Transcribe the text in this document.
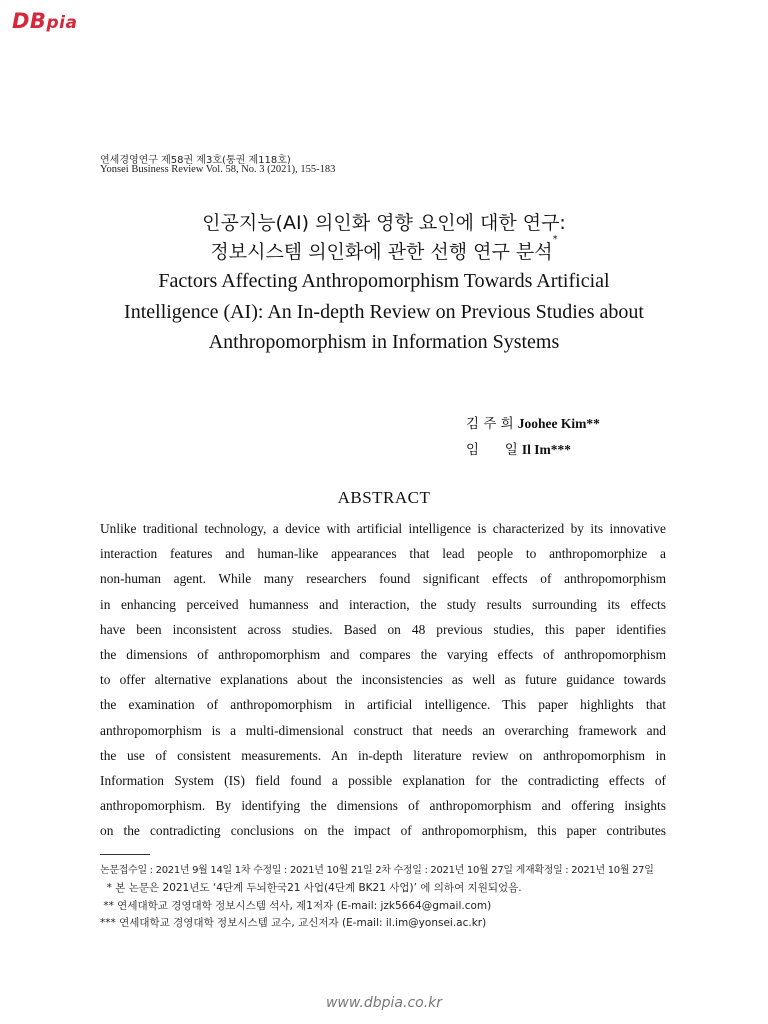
DBpia
연세경영연구 제58권 제3호(통권 제118호)
Yonsei Business Review Vol. 58, No. 3 (2021), 155-183
인공지능(AI) 의인화 영향 요인에 대한 연구:
정보시스템 의인화에 관한 선행 연구 분석*
Factors Affecting Anthropomorphism Towards Artificial
Intelligence (AI): An In-depth Review on Previous Studies about
Anthropomorphism in Information Systems
김 주 희 Joohee Kim**
임      일 Il Im***
ABSTRACT
Unlike traditional technology, a device with artificial intelligence is characterized by its innovative
interaction features and human-like appearances that lead people to anthropomorphize a
non-human agent. While many researchers found significant effects of anthropomorphism
in enhancing perceived humanness and interaction, the study results surrounding its effects
have been inconsistent across studies. Based on 48 previous studies, this paper identifies
the dimensions of anthropomorphism and compares the varying effects of anthropomorphism
to offer alternative explanations about the inconsistencies as well as future guidance towards
the examination of anthropomorphism in artificial intelligence. This paper highlights that
anthropomorphism is a multi-dimensional construct that needs an overarching framework and
the use of consistent measurements. An in-depth literature review on anthropomorphism in
Information System (IS) field found a possible explanation for the contradicting effects of
anthropomorphism. By identifying the dimensions of anthropomorphism and offering insights
on the contradicting conclusions on the impact of anthropomorphism, this paper contributes
논문접수일 : 2021년 9월 14일 1차 수정일 : 2021년 10월 21일 2차 수정일 : 2021년 10월 27일 게재확정일 : 2021년 10월 27일
* 본 논문은 2021년도 ‘4단계 두뇌한국21 사업(4단계 BK21 사업)’ 에 의하여 지원되었음.
** 연세대학교 경영대학 정보시스템 석사, 제1저자 (E-mail: jzk5664@gmail.com)
*** 연세대학교 경영대학 정보시스템 교수, 교신저자 (E-mail: il.im@yonsei.ac.kr)
www.dbpia.co.kr
